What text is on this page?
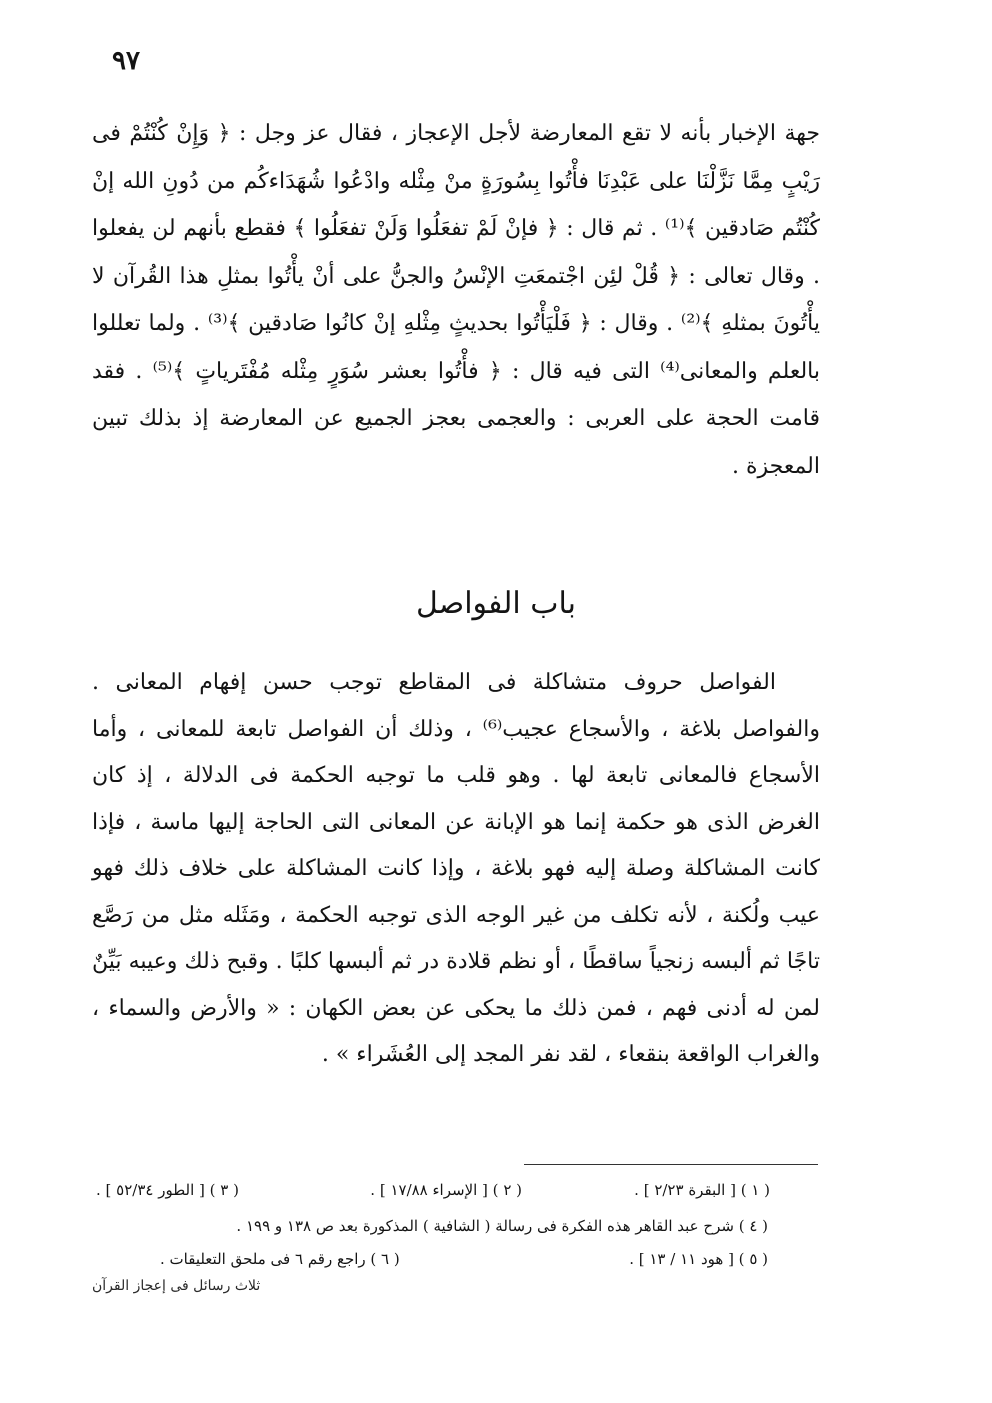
٩٧

جهة الإخبار بأنه لا تقع المعارضة لأجل الإعجاز ، فقال عز وجل : ﴿ وَإِنْ كُنْتُمْ فى رَيْبٍ مِمَّا نَزَّلْنَا على عَبْدِنَا فأْتُوا بِسُورَةٍ منْ مِثْله وادْعُوا شُهَدَاءكُم من دُونِ الله إنْ كُنْتُم صَادقين ﴾⁽¹⁾ . ثم قال : ﴿ فإنْ لَمْ تفعَلُوا وَلَنْ تفعَلُوا ﴾ فقطع بأنهم لن يفعلوا . وقال تعالى : ﴿ قُلْ لئِن اجْتمعَتِ الإنْسُ والجنُّ على أنْ يأْتُوا بمثلِ هذا القُرآن لا يأْتُونَ بمثلهِ ﴾⁽²⁾ . وقال : ﴿ فَلْيَأْتُوا بحديثٍ مِثْلهِ إنْ كانُوا صَادقين ﴾⁽³⁾ . ولما تعللوا بالعلم والمعانى⁽⁴⁾ التى فيه قال : ﴿ فأْتُوا بعشر سُوَرٍ مِثْله مُفْتَرياتٍ ﴾⁽⁵⁾ . فقد قامت الحجة على العربى : والعجمى بعجز الجميع عن المعارضة إذ بذلك تبين المعجزة .

باب الفواصل

الفواصل حروف متشاكلة فى المقاطع توجب حسن إفهام المعانى . والفواصل بلاغة ، والأسجاع عجيب⁽⁶⁾ ، وذلك أن الفواصل تابعة للمعانى ، وأما الأسجاع فالمعانى تابعة لها . وهو قلب ما توجبه الحكمة فى الدلالة ، إذ كان الغرض الذى هو حكمة إنما هو الإبانة عن المعانى التى الحاجة إليها ماسة ، فإذا كانت المشاكلة وصلة إليه فهو بلاغة ، وإذا كانت المشاكلة على خلاف ذلك فهو عيب ولُكنة ، لأنه تكلف من غير الوجه الذى توجبه الحكمة ، ومَثَله مثل من رَصَّع تاجًا ثم ألبسه زنجياً ساقطًا ، أو نظم قلادة در ثم ألبسها كلبًا . وقبح ذلك وعيبه بَيِّنٌ لمن له أدنى فهم ، فمن ذلك ما يحكى عن بعض الكهان : « والأرض والسماء ، والغراب الواقعة بنقعاء ، لقد نفر المجد إلى العُشَراء » .

( ١ ) [ البقرة ٢/٢٣ ] .
( ٢ ) [ الإسراء ١٧/٨٨ ] .
( ٣ ) [ الطور ٥٢/٣٤ ] .
( ٤ ) شرح عبد القاهر هذه الفكرة فى رسالة ( الشافية ) المذكورة بعد ص ١٣٨ و ١٩٩ .
( ٥ ) [ هود ١١ / ١٣ ] .
( ٦ ) راجع رقم ٦ فى ملحق التعليقات .
ثلاث رسائل فى إعجاز القرآن
